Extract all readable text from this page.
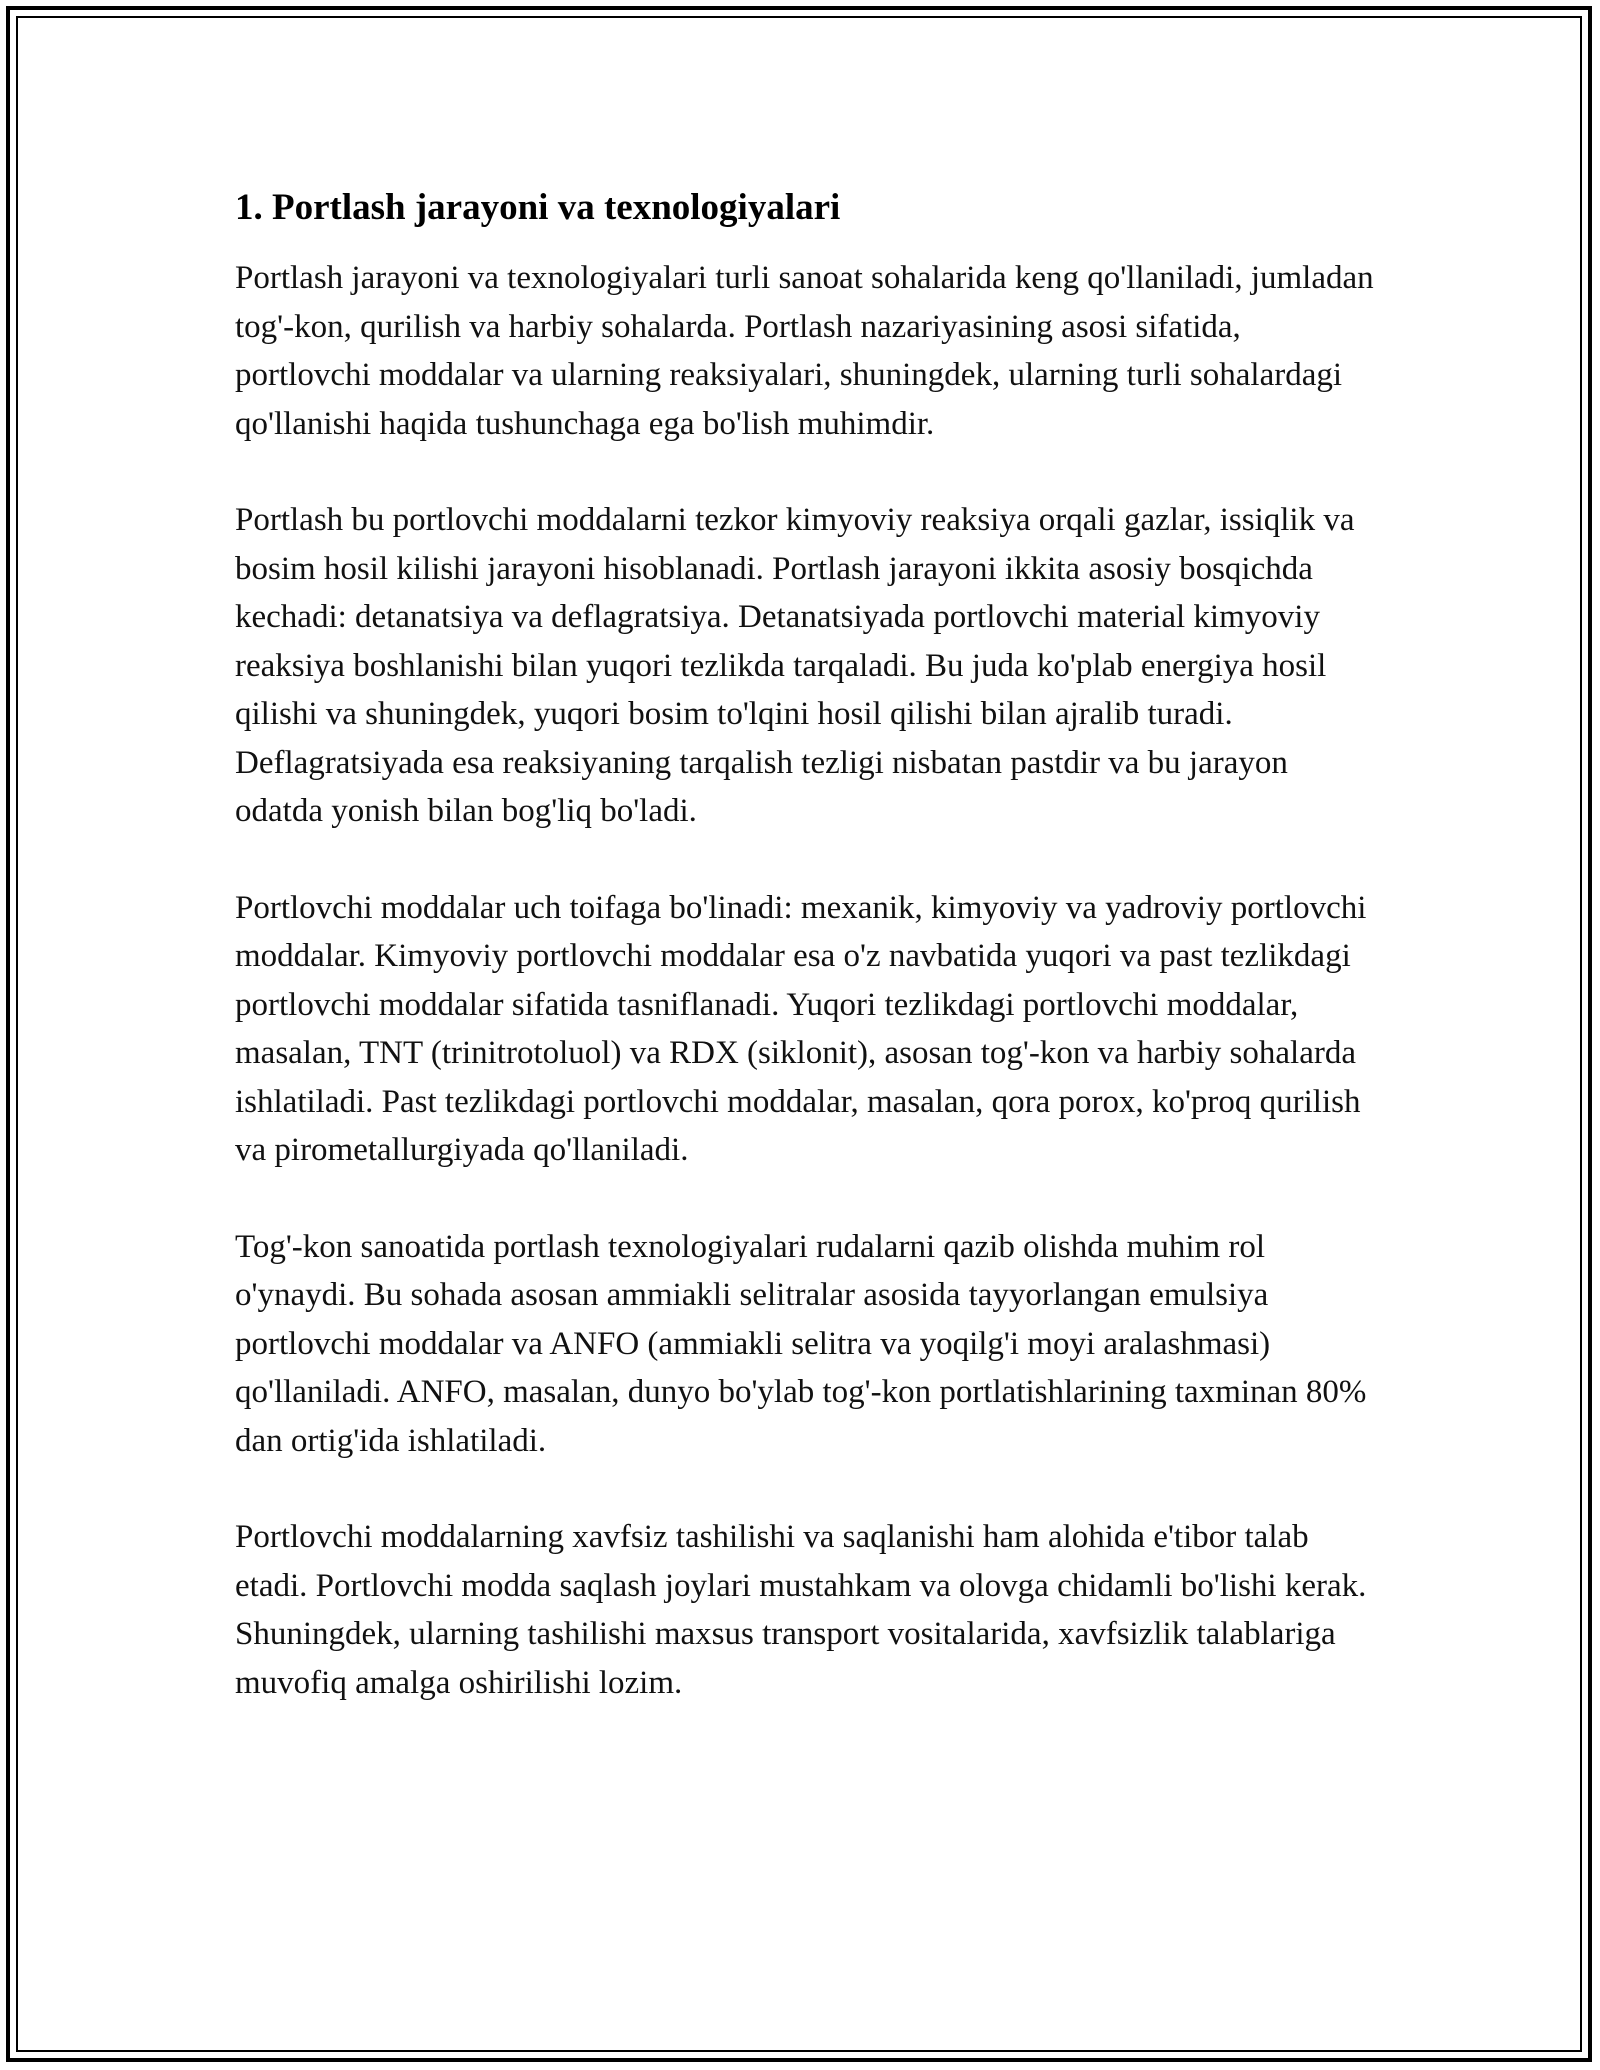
1. Portlash jarayoni va texnologiyalari

Portlash jarayoni va texnologiyalari turli sanoat sohalarida keng qo'llaniladi, jumladan tog'-kon, qurilish va harbiy sohalarda. Portlash nazariyasining asosi sifatida, portlovchi moddalar va ularning reaksiyalari, shuningdek, ularning turli sohalardagi qo'llanishi haqida tushunchaga ega bo'lish muhimdir.

Portlash bu portlovchi moddalarni tezkor kimyoviy reaksiya orqali gazlar, issiqlik va bosim hosil kilishi jarayoni hisoblanadi. Portlash jarayoni ikkita asosiy bosqichda kechadi: detanatsiya va deflagratsiya. Detanatsiyada portlovchi material kimyoviy reaksiya boshlanishi bilan yuqori tezlikda tarqaladi. Bu juda ko'plab energiya hosil qilishi va shuningdek, yuqori bosim to'lqini hosil qilishi bilan ajralib turadi. Deflagratsiyada esa reaksiyaning tarqalish tezligi nisbatan pastdir va bu jarayon odatda yonish bilan bog'liq bo'ladi.

Portlovchi moddalar uch toifaga bo'linadi: mexanik, kimyoviy va yadroviy portlovchi moddalar. Kimyoviy portlovchi moddalar esa o'z navbatida yuqori va past tezlikdagi portlovchi moddalar sifatida tasniflanadi. Yuqori tezlikdagi portlovchi moddalar, masalan, TNT (trinitrotoluol) va RDX (siklonit), asosan tog'-kon va harbiy sohalarda ishlatiladi. Past tezlikdagi portlovchi moddalar, masalan, qora porox, ko'proq qurilish va pirometallurgiyada qo'llaniladi.

Tog'-kon sanoatida portlash texnologiyalari rudalarni qazib olishda muhim rol o'ynaydi. Bu sohada asosan ammiakli selitralar asosida tayyorlangan emulsiya portlovchi moddalar va ANFO (ammiakli selitra va yoqilg'i moyi aralashmasi) qo'llaniladi. ANFO, masalan, dunyo bo'ylab tog'-kon portlatishlarining taxminan 80% dan ortig'ida ishlatiladi.

Portlovchi moddalarning xavfsiz tashilishi va saqlanishi ham alohida e'tibor talab etadi. Portlovchi modda saqlash joylari mustahkam va olovga chidamli bo'lishi kerak. Shuningdek, ularning tashilishi maxsus transport vositalarida, xavfsizlik talablariga muvofiq amalga oshirilishi lozim.
